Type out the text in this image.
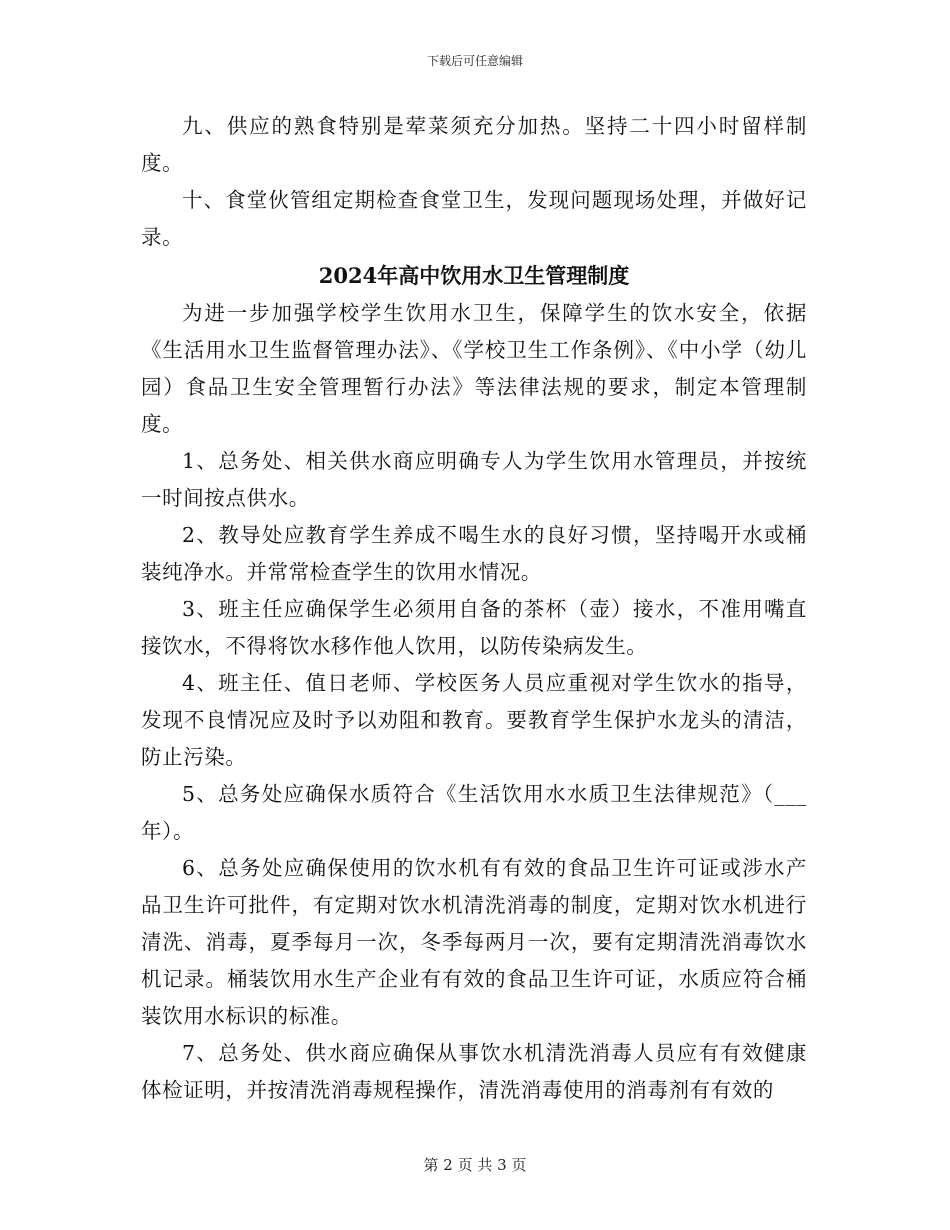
下载后可任意编辑

九、供应的熟食特别是荤菜须充分加热。坚持二十四小时留样制度。

十、食堂伙管组定期检查食堂卫生，发现问题现场处理，并做好记录。

2024年高中饮用水卫生管理制度

为进一步加强学校学生饮用水卫生，保障学生的饮水安全，依据《生活用水卫生监督管理办法》、《学校卫生工作条例》、《中小学（幼儿园）食品卫生安全管理暂行办法》等法律法规的要求，制定本管理制度。

1、总务处、相关供水商应明确专人为学生饮用水管理员，并按统一时间按点供水。

2、教导处应教育学生养成不喝生水的良好习惯，坚持喝开水或桶装纯净水。并常常检查学生的饮用水情况。

3、班主任应确保学生必须用自备的茶杯（壶）接水，不准用嘴直接饮水，不得将饮水移作他人饮用，以防传染病发生。

4、班主任、值日老师、学校医务人员应重视对学生饮水的指导，发现不良情况应及时予以劝阻和教育。要教育学生保护水龙头的清洁，防止污染。

5、总务处应确保水质符合《生活饮用水水质卫生法律规范》（___年）。

6、总务处应确保使用的饮水机有有效的食品卫生许可证或涉水产品卫生许可批件，有定期对饮水机清洗消毒的制度，定期对饮水机进行清洗、消毒，夏季每月一次，冬季每两月一次，要有定期清洗消毒饮水机记录。桶装饮用水生产企业有有效的食品卫生许可证，水质应符合桶装饮用水标识的标准。

7、总务处、供水商应确保从事饮水机清洗消毒人员应有有效健康体检证明，并按清洗消毒规程操作，清洗消毒使用的消毒剂有有效的

第 2 页 共 3 页
